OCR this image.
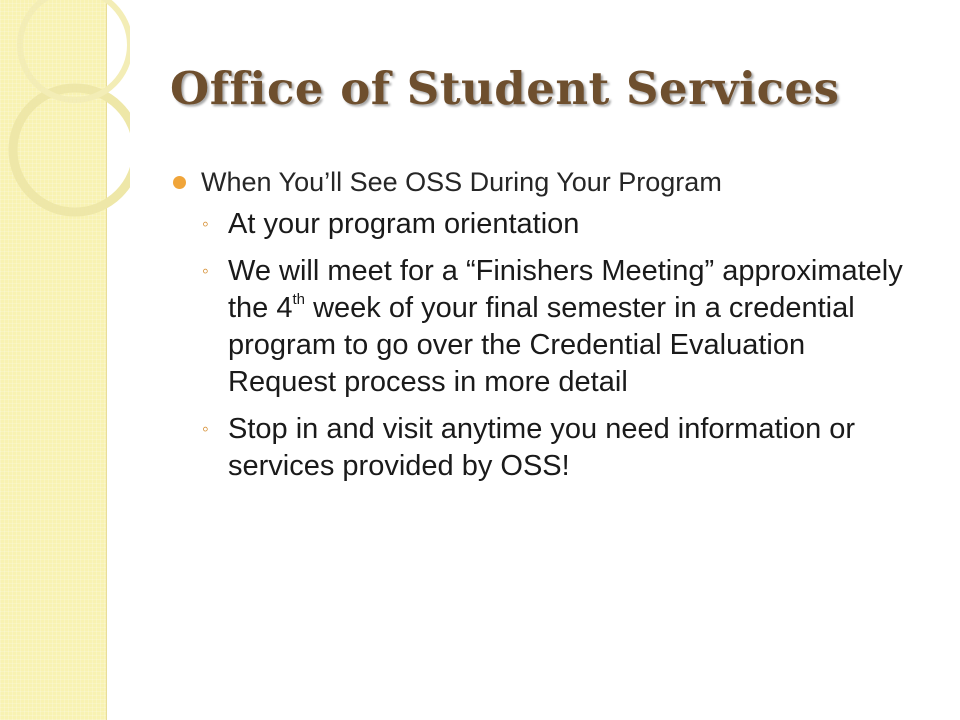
Office of Student Services
When You’ll See OSS During Your Program
◦ At your program orientation
◦ We will meet for a “Finishers Meeting” approximately the 4th week of your final semester in a credential program to go over the Credential Evaluation Request process in more detail
◦ Stop in and visit anytime you need information or services provided by OSS!
